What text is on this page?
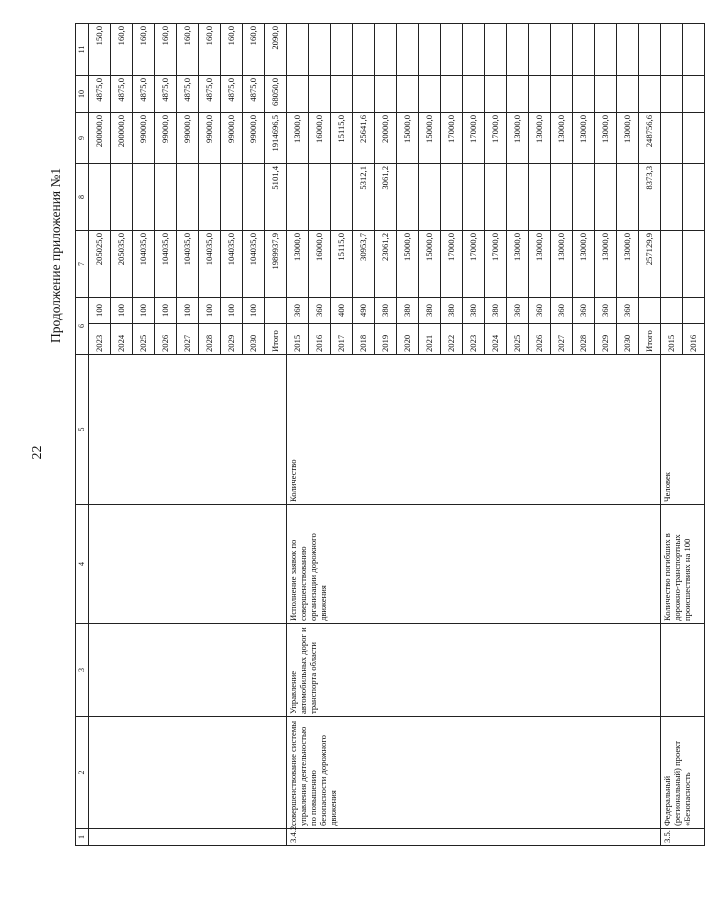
22
Продолжение приложения №1
1	2	3	4	5	6		7	8	9	10	11
					2023	100	205025,0		200000,0	4875,0	150,0
					2024	100	205035,0		200000,0	4875,0	160,0
					2025	100	104035,0		99000,0	4875,0	160,0
					2026	100	104035,0		99000,0	4875,0	160,0
					2027	100	104035,0		99000,0	4875,0	160,0
					2028	100	104035,0		99000,0	4875,0	160,0
					2029	100	104035,0		99000,0	4875,0	160,0
					2030	100	104035,0		99000,0	4875,0	160,0
					Итого		1989937,9	5101,4	1914696,5	68050,0	2090,0
3.4.2.	совершенствование системы управления деятельностью по повышению безопасности дорожного движения	Управление автомобильных дорог и транспорта области	Исполнение заявок по совершенствованию организации дорожного движения	Количество	2015	360	13000,0		13000,0		
					2016	360	16000,0		16000,0		
					2017	400	15115,0		15115,0		
					2018	490	30953,7	5312,1	25641,6		
					2019	380	23061,2	3061,2	20000,0		
					2020	380	15000,0		15000,0		
					2021	380	15000,0		15000,0		
					2022	380	17000,0		17000,0		
					2023	380	17000,0		17000,0		
					2024	380	17000,0		17000,0		
					2025	360	13000,0		13000,0		
					2026	360	13000,0		13000,0		
					2027	360	13000,0		13000,0		
					2028	360	13000,0		13000,0		
					2029	360	13000,0		13000,0		
					2030	360	13000,0		13000,0		
					Итого		257129,9	8373,3	248756,6		
3.5.	Федеральный (региональный) проект «Безопасность		Количество погибших в дорожно-транспортных происшествиях на 100	Человек	2015						
					2016						
